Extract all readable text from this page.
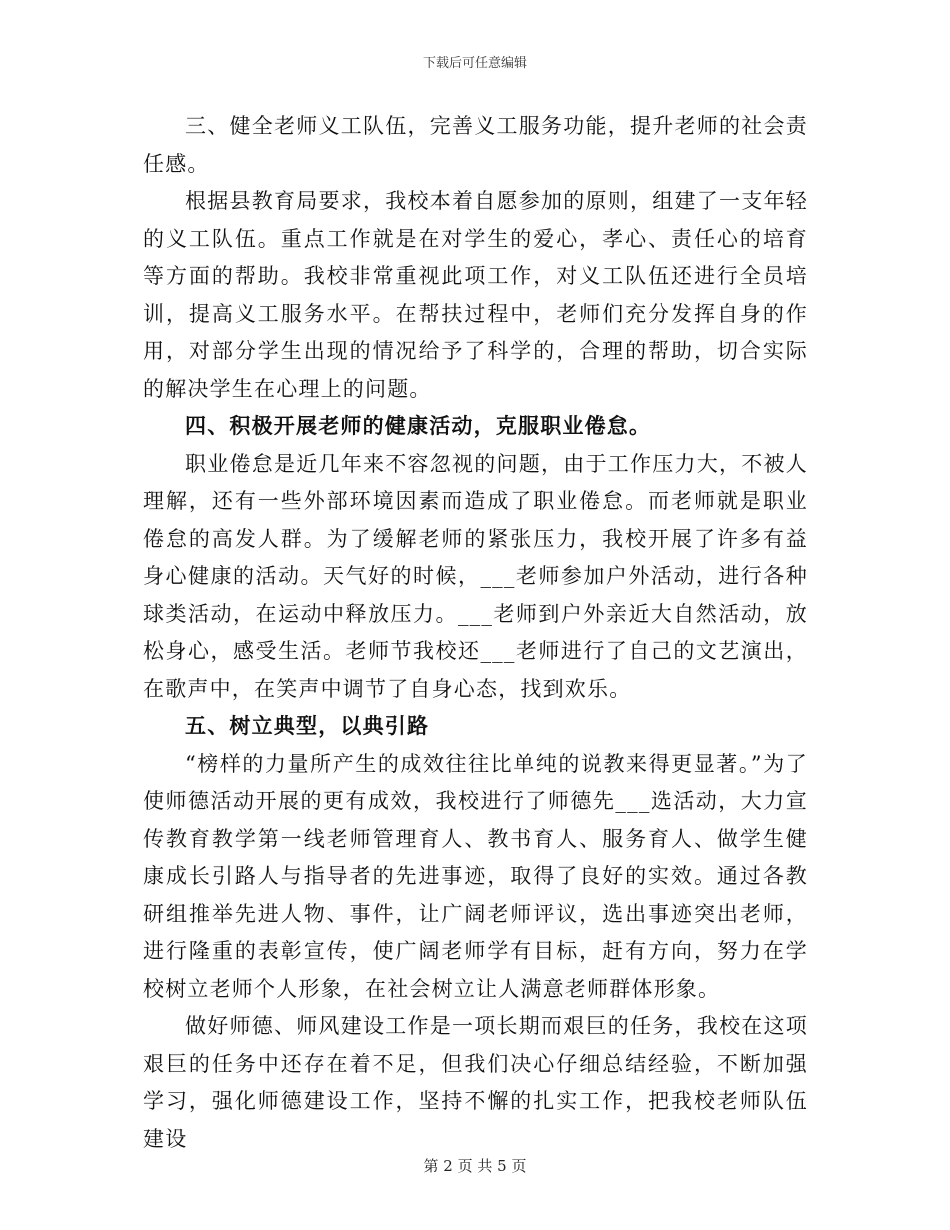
下载后可任意编辑

三、健全老师义工队伍，完善义工服务功能，提升老师的社会责任感。

根据县教育局要求，我校本着自愿参加的原则，组建了一支年轻的义工队伍。重点工作就是在对学生的爱心，孝心、责任心的培育等方面的帮助。我校非常重视此项工作，对义工队伍还进行全员培训，提高义工服务水平。在帮扶过程中，老师们充分发挥自身的作用，对部分学生出现的情况给予了科学的，合理的帮助，切合实际的解决学生在心理上的问题。

四、积极开展老师的健康活动，克服职业倦怠。

职业倦怠是近几年来不容忽视的问题，由于工作压力大，不被人理解，还有一些外部环境因素而造成了职业倦怠。而老师就是职业倦怠的高发人群。为了缓解老师的紧张压力，我校开展了许多有益身心健康的活动。天气好的时候，___老师参加户外活动，进行各种球类活动，在运动中释放压力。___老师到户外亲近大自然活动，放松身心，感受生活。老师节我校还___老师进行了自己的文艺演出，在歌声中，在笑声中调节了自身心态，找到欢乐。

五、树立典型，以典引路

“榜样的力量所产生的成效往往比单纯的说教来得更显著。”为了使师德活动开展的更有成效，我校进行了师德先___选活动，大力宣传教育教学第一线老师管理育人、教书育人、服务育人、做学生健康成长引路人与指导者的先进事迹，取得了良好的实效。通过各教研组推举先进人物、事件，让广阔老师评议，选出事迹突出老师，进行隆重的表彰宣传，使广阔老师学有目标，赶有方向，努力在学校树立老师个人形象，在社会树立让人满意老师群体形象。

做好师德、师风建设工作是一项长期而艰巨的任务，我校在这项艰巨的任务中还存在着不足，但我们决心仔细总结经验，不断加强学习，强化师德建设工作，坚持不懈的扎实工作，把我校老师队伍建设

第 2 页 共 5 页
